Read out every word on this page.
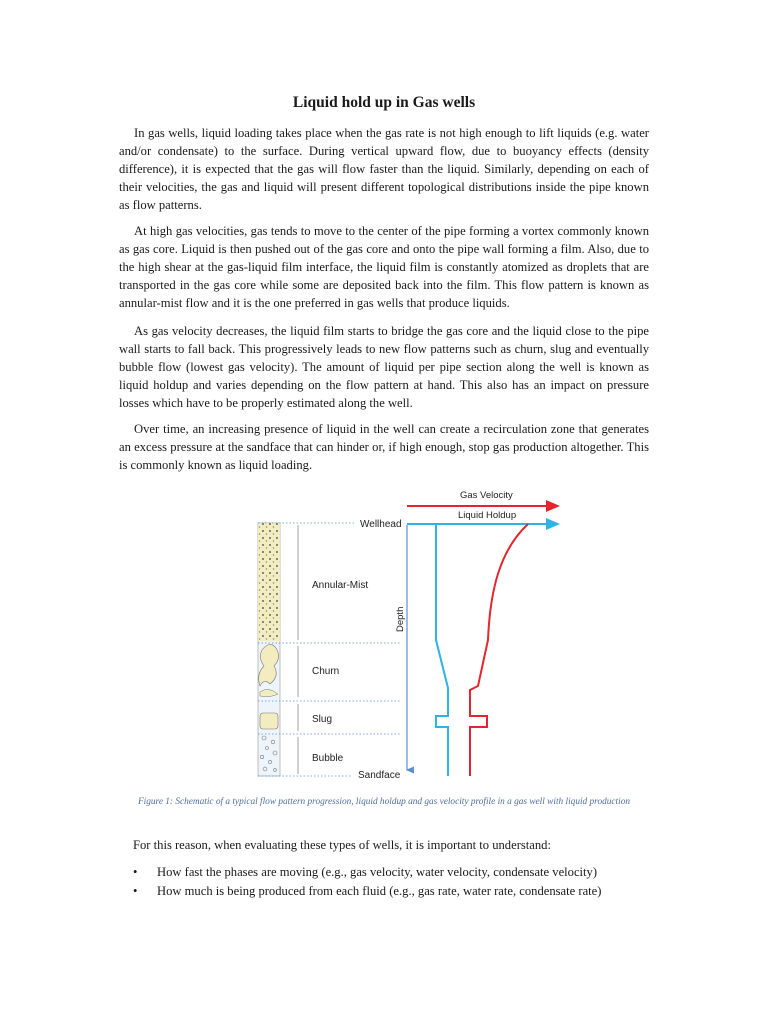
Liquid hold up in Gas wells

In gas wells, liquid loading takes place when the gas rate is not high enough to lift liquids (e.g. water and/or condensate) to the surface. During vertical upward flow, due to buoyancy effects (density difference), it is expected that the gas will flow faster than the liquid. Similarly, depending on each of their velocities, the gas and liquid will present different topological distributions inside the pipe known as flow patterns.

At high gas velocities, gas tends to move to the center of the pipe forming a vortex commonly known as gas core. Liquid is then pushed out of the gas core and onto the pipe wall forming a film. Also, due to the high shear at the gas-liquid film interface, the liquid film is constantly atomized as droplets that are transported in the gas core while some are deposited back into the film. This flow pattern is known as annular-mist flow and it is the one preferred in gas wells that produce liquids.

As gas velocity decreases, the liquid film starts to bridge the gas core and the liquid close to the pipe wall starts to fall back. This progressively leads to new flow patterns such as churn, slug and eventually bubble flow (lowest gas velocity). The amount of liquid per pipe section along the well is known as liquid holdup and varies depending on the flow pattern at hand. This also has an impact on pressure losses which have to be properly estimated along the well.

Over time, an increasing presence of liquid in the well can create a recirculation zone that generates an excess pressure at the sandface that can hinder or, if high enough, stop gas production altogether. This is commonly known as liquid loading.

Wellhead
Annular-Mist
Churn
Slug
Bubble
Sandface
Depth
Gas Velocity
Liquid Holdup

Figure 1: Schematic of a typical flow pattern progression, liquid holdup and gas velocity profile in a gas well with liquid production

For this reason, when evaluating these types of wells, it is important to understand:

• How fast the phases are moving (e.g., gas velocity, water velocity, condensate velocity)
• How much is being produced from each fluid (e.g., gas rate, water rate, condensate rate)
